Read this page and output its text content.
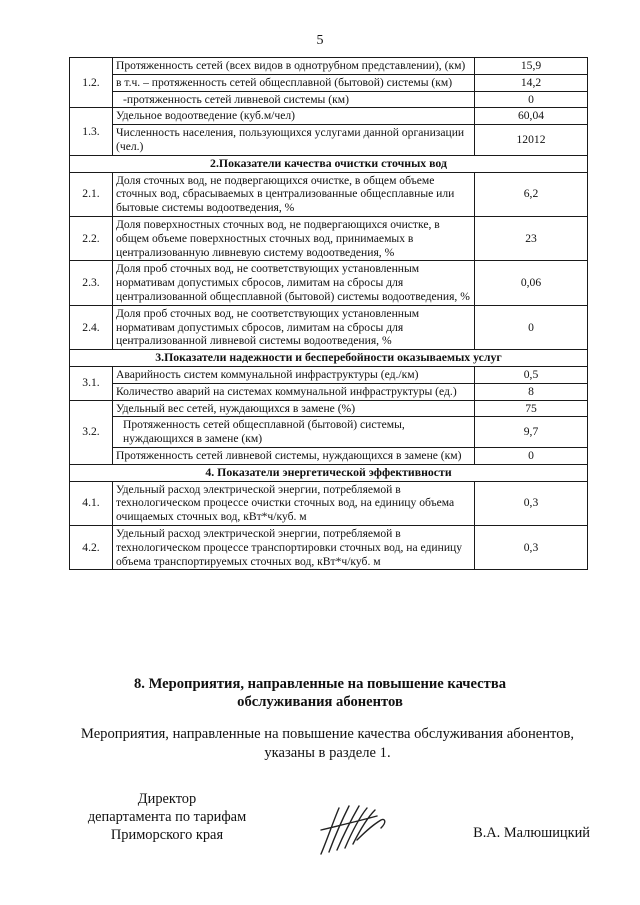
5
1.2.	Протяженность сетей (всех видов в однотрубном представлении), (км)	15,9
	в т.ч. – протяженность сетей общесплавной (бытовой) системы (км)	14,2
	-протяженность сетей ливневой системы (км)	0
1.3.	Удельное водоотведение (куб.м/чел)	60,04
	Численность населения, пользующихся услугами данной организации (чел.)	12012
2.Показатели качества очистки сточных вод		
2.1.	Доля сточных вод, не подвергающихся очистке, в общем объеме сточных вод, сбрасываемых в централизованные общесплавные или бытовые системы водоотведения, %	6,2
2.2.	Доля поверхностных сточных вод, не подвергающихся очистке, в общем объеме поверхностных сточных вод, принимаемых в централизованную ливневую систему водоотведения, %	23
2.3.	Доля проб сточных вод, не соответствующих установленным нормативам допустимых сбросов, лимитам на сбросы для централизованной общесплавной (бытовой) системы водоотведения, %	0,06
2.4.	Доля проб сточных вод, не соответствующих установленным нормативам допустимых сбросов, лимитам на сбросы для централизованной ливневой системы водоотведения, %	0
3.Показатели надежности и бесперебойности оказываемых услуг		
3.1.	Аварийность систем коммунальной инфраструктуры (ед./км)	0,5
	Количество аварий на системах коммунальной инфраструктуры (ед.)	8
3.2.	Удельный вес сетей, нуждающихся в замене (%)	75
	Протяженность сетей общесплавной (бытовой) системы, нуждающихся в замене (км)	9,7
	Протяженность сетей ливневой системы, нуждающихся в замене (км)	0
4. Показатели энергетической эффективности		
4.1.	Удельный расход электрической энергии, потребляемой в технологическом процессе очистки сточных вод, на единицу объема очищаемых сточных вод, кВт*ч/куб. м	0,3
4.2.	Удельный расход электрической энергии, потребляемой в технологическом процессе транспортировки сточных вод, на единицу объема транспортируемых сточных вод, кВт*ч/куб. м	0,3
8. Мероприятия, направленные на повышение качества
обслуживания абонентов
Мероприятия, направленные на повышение качества обслуживания абонентов,
указаны в разделе 1.
Директор
департамента по тарифам
Приморского края	В.А. Малюшицкий
